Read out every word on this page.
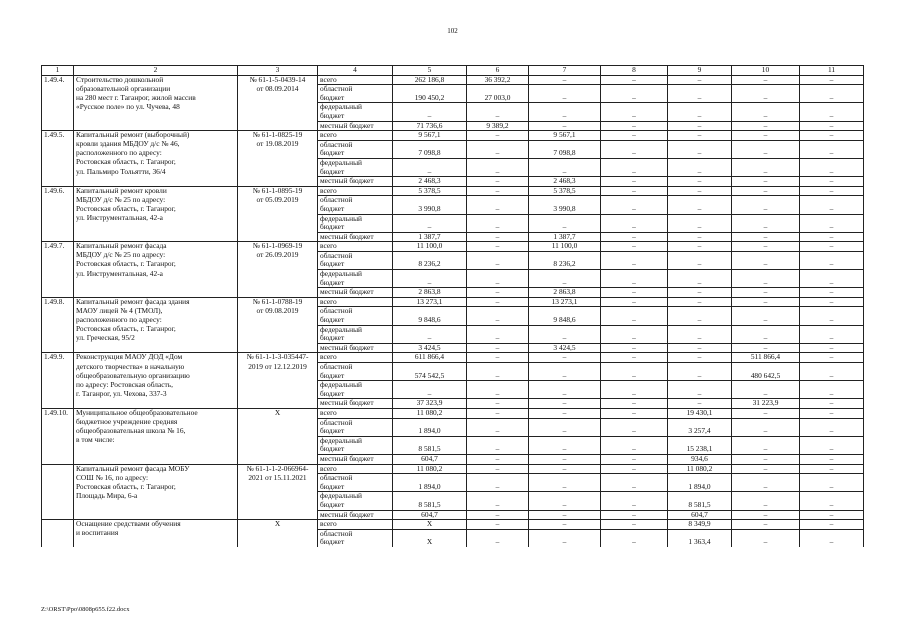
102
1	2	3	4	5	6	7	8	9	10	11
1.49.4.	Строительство дошкольной	№ 61-1-5-0439-14	всего	262 186,8	36 392,2	–	–	–	–	–
	образовательной организации	от 08.09.2014	областной							
	на 280 мест г. Таганрог, жилой массив		бюджет	190 450,2	27 003,0	–	–	–	–	–
	«Русское поле» по ул. Чучева, 48		федеральный							
			бюджет	–	–	–	–	–	–	–
			местный бюджет	71 736,6	9 389,2	–	–	–	–	–
1.49.5.	Капитальный ремонт (выборочный)	№ 61-1-0825-19	всего	9 567,1	–	9 567,1	–	–	–	–
	кровли здания МБДОУ д/с № 46,	от 19.08.2019	областной							
	расположенного по адресу:		бюджет	7 098,8	–	7 098,8	–	–	–	–
	Ростовская область, г. Таганрог,		федеральный							
	ул. Пальмиро Тольятти, 36/4		бюджет	–	–	–	–	–	–	–
			местный бюджет	2 468,3	–	2 468,3	–	–	–	–
1.49.6.	Капитальный ремонт кровли	№ 61-1-0895-19	всего	5 378,5	–	5 378,5	–	–	–	–
	МБДОУ д/с № 25 по адресу:	от 05.09.2019	областной							
	Ростовская область, г. Таганрог,		бюджет	3 990,8	–	3 990,8	–	–	–	–
	ул. Инструментальная, 42-а		федеральный							
			бюджет	–	–	–	–	–	–	–
			местный бюджет	1 387,7	–	1 387,7	–	–	–	–
1.49.7.	Капитальный ремонт фасада	№ 61-1-0969-19	всего	11 100,0	–	11 100,0	–	–	–	–
	МБДОУ д/с № 25 по адресу:	от 26.09.2019	областной							
	Ростовская область, г. Таганрог,		бюджет	8 236,2	–	8 236,2	–	–	–	–
	ул. Инструментальная, 42-а		федеральный							
			бюджет	–	–	–	–	–	–	–
			местный бюджет	2 863,8	–	2 863,8	–	–	–	–
1.49.8.	Капитальный ремонт фасада здания	№ 61-1-0788-19	всего	13 273,1	–	13 273,1	–	–	–	–
	МАОУ лицей № 4 (ТМОЛ),	от 09.08.2019	областной							
	расположенного по адресу:		бюджет	9 848,6	–	9 848,6	–	–	–	–
	Ростовская область, г. Таганрог,		федеральный							
	ул. Греческая, 95/2		бюджет	–	–	–	–	–	–	–
			местный бюджет	3 424,5	–	3 424,5	–	–	–	–
1.49.9.	Реконструкция МАОУ ДОД «Дом	№ 61-1-1-3-035447-	всего	611 866,4	–	–	–	–	511 866,4	–
	детского творчества» в начальную	2019 от 12.12.2019	областной							
	общеобразовательную организацию		бюджет	574 542,5	–	–	–	–	480 642,5	–
	по адресу: Ростовская область,		федеральный							
	г. Таганрог, ул. Чехова, 337-3		бюджет	–	–	–	–	–	–	–
			местный бюджет	37 323,9	–	–	–	–	31 223,9	–
1.49.10.	Муниципальное общеобразовательное	Х	всего	11 080,2	–	–	–	19 430,1	–	–
	бюджетное учреждение средняя		областной							
	общеобразовательная школа № 16,		бюджет	1 894,0	–	–	–	3 257,4	–	–
	в том числе:		федеральный							
			бюджет	8 581,5	–	–	–	15 238,1	–	–
			местный бюджет	604,7	–	–	–	934,6	–	–
	Капитальный ремонт фасада МОБУ	№ 61-1-1-2-066964-	всего	11 080,2	–	–	–	11 080,2	–	–
	СОШ № 16, по адресу:	2021 от 15.11.2021	областной							
	Ростовская область, г. Таганрог,		бюджет	1 894,0	–	–	–	1 894,0	–	–
	Площадь Мира, 6-а		федеральный							
			бюджет	8 581,5	–	–	–	8 581,5	–	–
			местный бюджет	604,7	–	–	–	604,7	–	–
	Оснащение средствами обучения	Х	всего	Х	–	–	–	8 349,9	–	–
	и воспитания		областной							
			бюджет	Х	–	–	–	1 363,4	–	–
Z:\ORST\Ppo\0808p655.f22.docx
